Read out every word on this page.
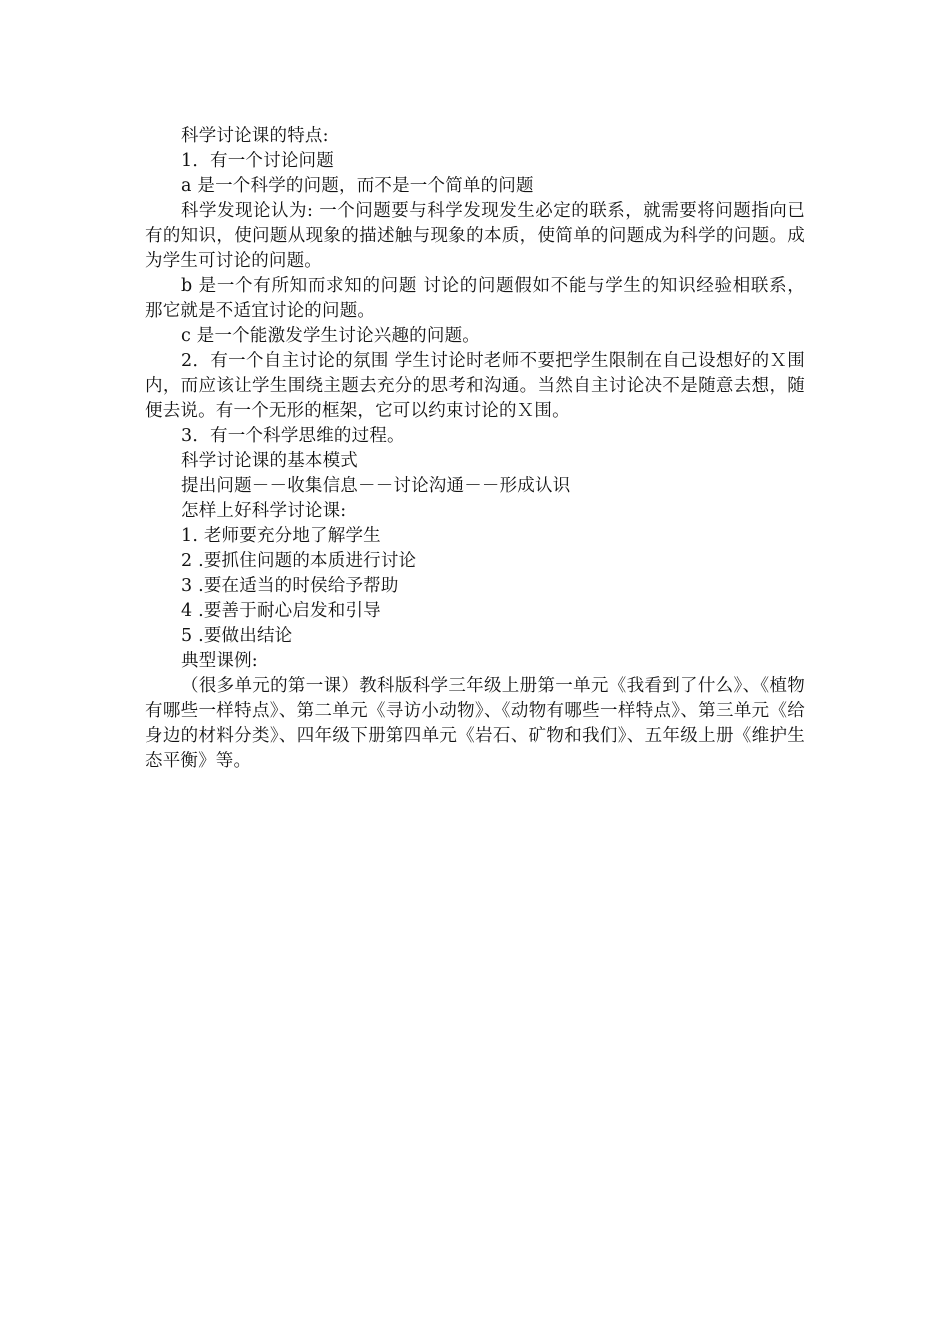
科学讨论课的特点:

1．有一个讨论问题

a 是一个科学的问题，而不是一个简单的问题

科学发现论认为: 一个问题要与科学发现发生必定的联系，就需要将问题指向已有的知识，使问题从现象的描述触与现象的本质，使简单的问题成为科学的问题。成为学生可讨论的问题。

b 是一个有所知而求知的问题 讨论的问题假如不能与学生的知识经验相联系，那它就是不适宜讨论的问题。

c 是一个能激发学生讨论兴趣的问题。

2．有一个自主讨论的氛围 学生讨论时老师不要把学生限制在自己设想好的Ｘ围内，而应该让学生围绕主题去充分的思考和沟通。当然自主讨论决不是随意去想，随便去说。有一个无形的框架，它可以约束讨论的Ｘ围。

3．有一个科学思维的过程。

科学讨论课的基本模式

提出问题－－收集信息－－讨论沟通－－形成认识

怎样上好科学讨论课:

1. 老师要充分地了解学生

2 .要抓住问题的本质进行讨论

3 .要在适当的时侯给予帮助

4 .要善于耐心启发和引导

5 .要做出结论

典型课例:

（很多单元的第一课）教科版科学三年级上册第一单元《我看到了什么》、《植物有哪些一样特点》、第二单元《寻访小动物》、《动物有哪些一样特点》、第三单元《给身边的材料分类》、四年级下册第四单元《岩石、矿物和我们》、五年级上册《维护生态平衡》等。
